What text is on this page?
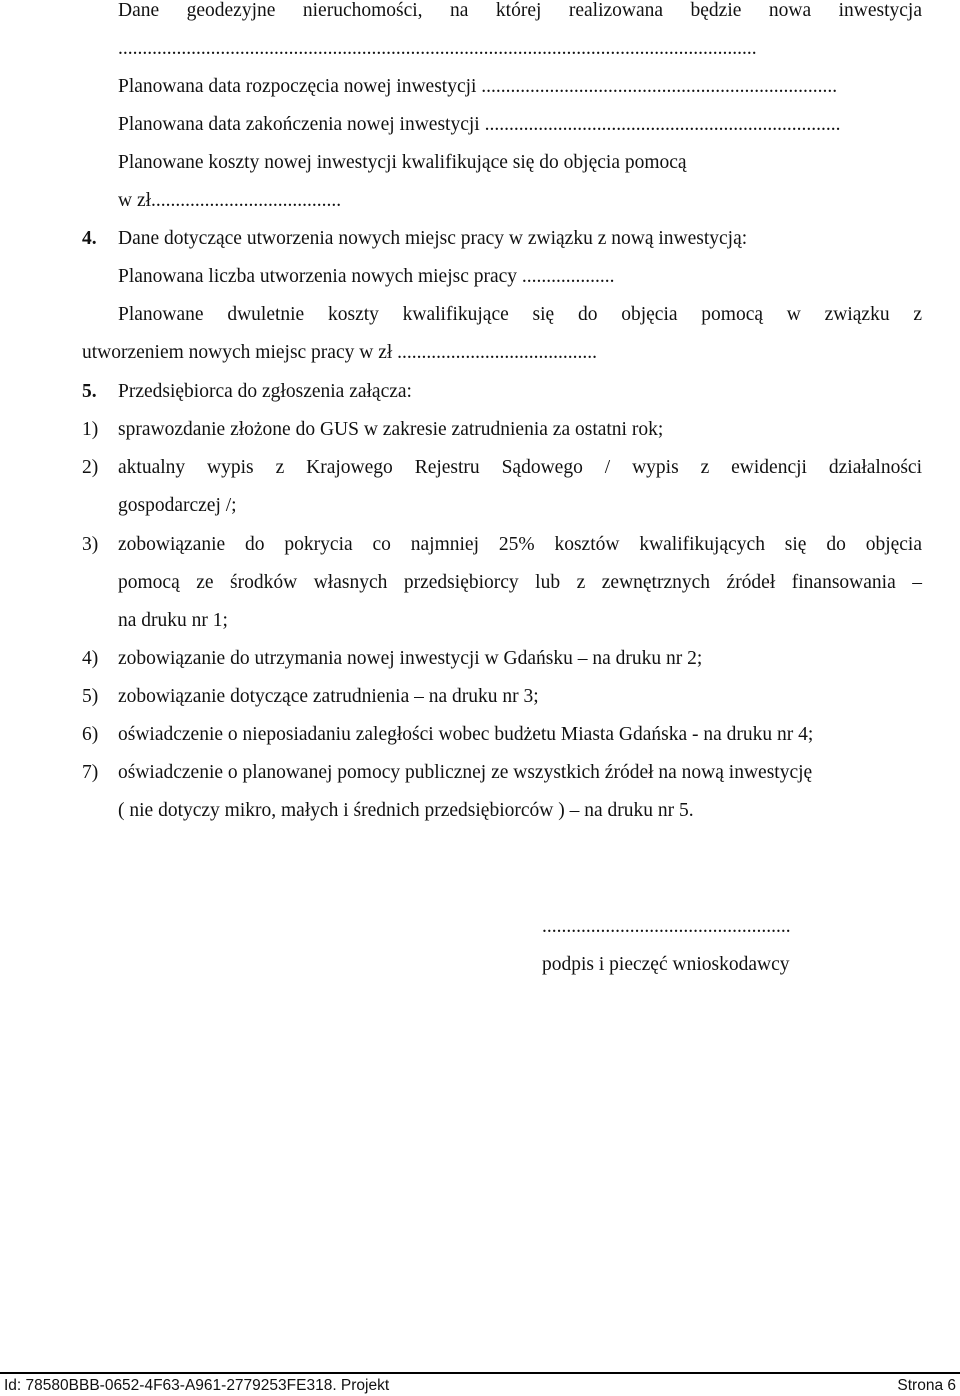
Dane geodezyjne nieruchomości, na której realizowana będzie nowa inwestycja
...................................................................................................................................
Planowana data rozpoczęcia nowej inwestycji .........................................................................
Planowana data zakończenia nowej inwestycji .........................................................................
Planowane koszty nowej inwestycji kwalifikujące się do objęcia pomocą
w zł.......................................
4. Dane dotyczące utworzenia nowych miejsc pracy w związku z nową inwestycją:
Planowana liczba utworzenia nowych miejsc pracy ...................
Planowane dwuletnie koszty kwalifikujące się do objęcia pomocą w związku z
utworzeniem nowych miejsc pracy w zł .........................................
5. Przedsiębiorca do zgłoszenia załącza:
1) sprawozdanie złożone do GUS w zakresie zatrudnienia za ostatni rok;
2) aktualny wypis z Krajowego Rejestru Sądowego / wypis z ewidencji działalności
gospodarczej /;
3) zobowiązanie do pokrycia co najmniej 25% kosztów kwalifikujących się do objęcia
pomocą ze środków własnych przedsiębiorcy lub z zewnętrznych źródeł finansowania –
na druku nr 1;
4) zobowiązanie do utrzymania nowej inwestycji w Gdańsku – na druku nr 2;
5) zobowiązanie dotyczące zatrudnienia – na druku nr 3;
6) oświadczenie o nieposiadaniu zaległości wobec budżetu Miasta Gdańska - na druku nr 4;
7) oświadczenie o planowanej pomocy publicznej ze wszystkich źródeł na nową inwestycję
( nie dotyczy mikro, małych i średnich przedsiębiorców ) – na druku nr 5.
...................................................
podpis i pieczęć wnioskodawcy
Id: 78580BBB-0652-4F63-A961-2779253FE318. Projekt	Strona 6
